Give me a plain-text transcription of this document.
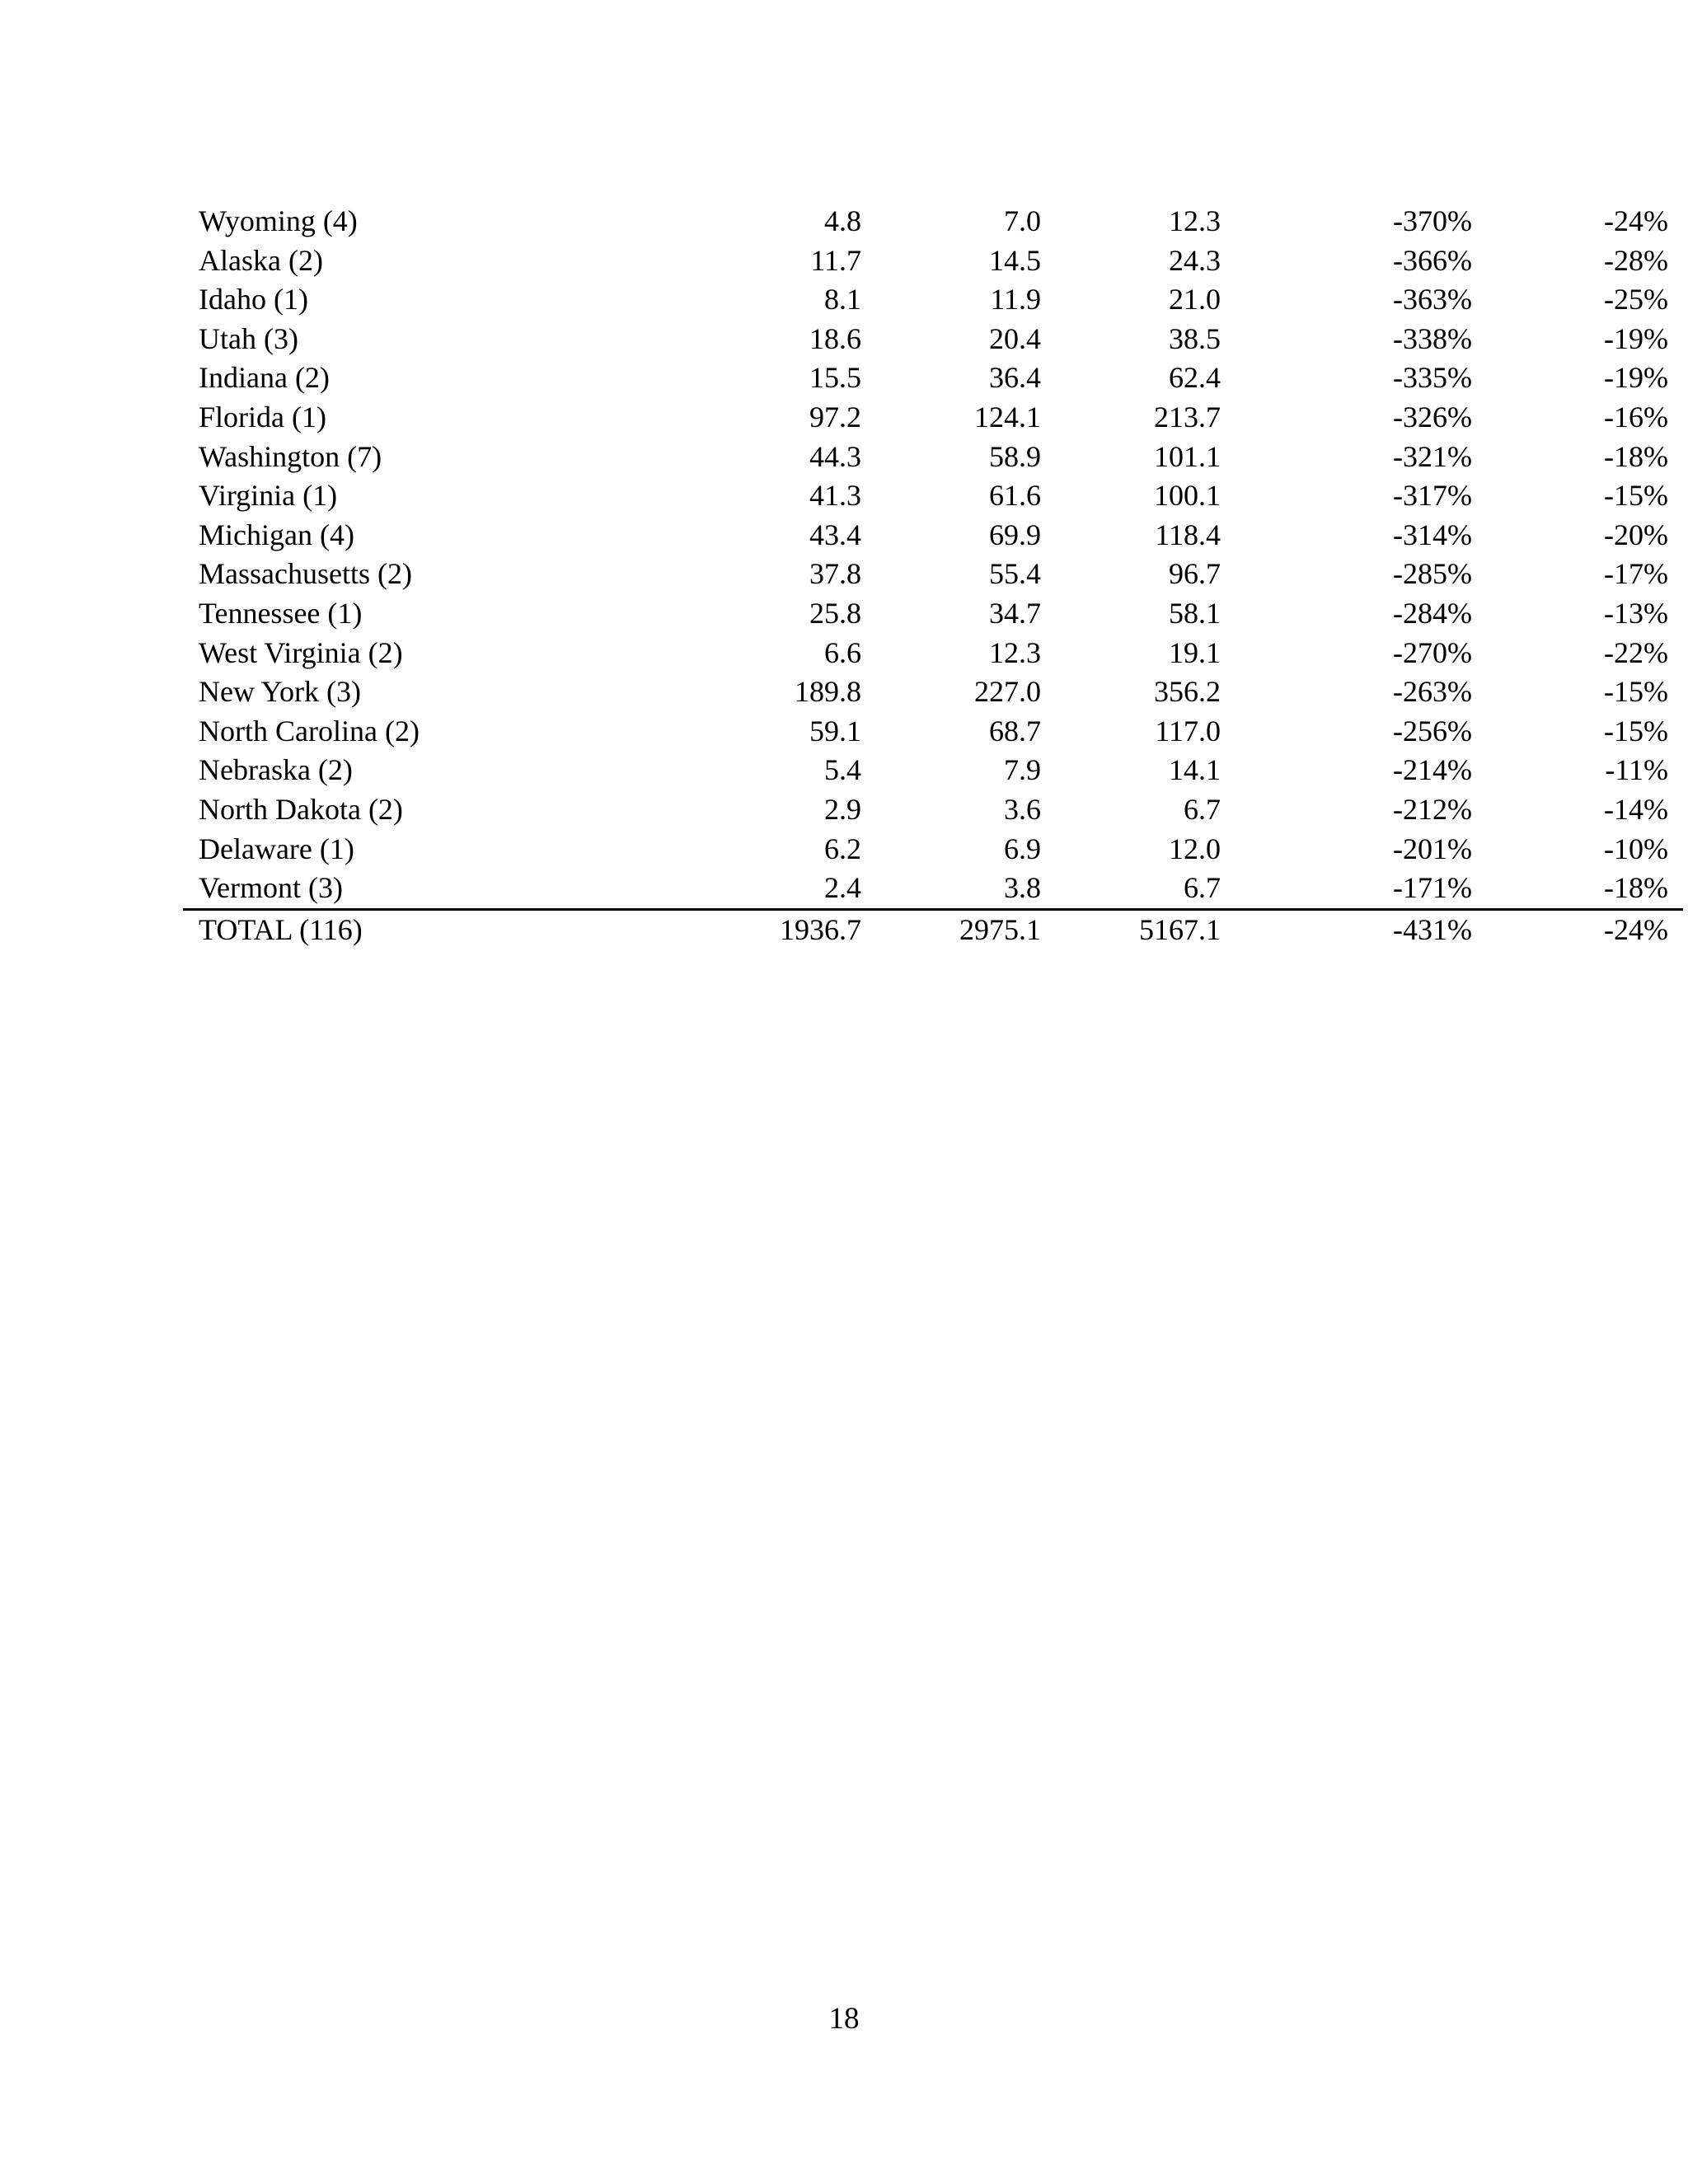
Wyoming (4)	4.8	7.0	12.3	-370%	-24%
Alaska (2)	11.7	14.5	24.3	-366%	-28%
Idaho (1)	8.1	11.9	21.0	-363%	-25%
Utah (3)	18.6	20.4	38.5	-338%	-19%
Indiana (2)	15.5	36.4	62.4	-335%	-19%
Florida (1)	97.2	124.1	213.7	-326%	-16%
Washington (7)	44.3	58.9	101.1	-321%	-18%
Virginia (1)	41.3	61.6	100.1	-317%	-15%
Michigan (4)	43.4	69.9	118.4	-314%	-20%
Massachusetts (2)	37.8	55.4	96.7	-285%	-17%
Tennessee (1)	25.8	34.7	58.1	-284%	-13%
West Virginia (2)	6.6	12.3	19.1	-270%	-22%
New York (3)	189.8	227.0	356.2	-263%	-15%
North Carolina (2)	59.1	68.7	117.0	-256%	-15%
Nebraska (2)	5.4	7.9	14.1	-214%	-11%
North Dakota (2)	2.9	3.6	6.7	-212%	-14%
Delaware (1)	6.2	6.9	12.0	-201%	-10%
Vermont (3)	2.4	3.8	6.7	-171%	-18%
TOTAL (116)	1936.7	2975.1	5167.1	-431%	-24%
18
